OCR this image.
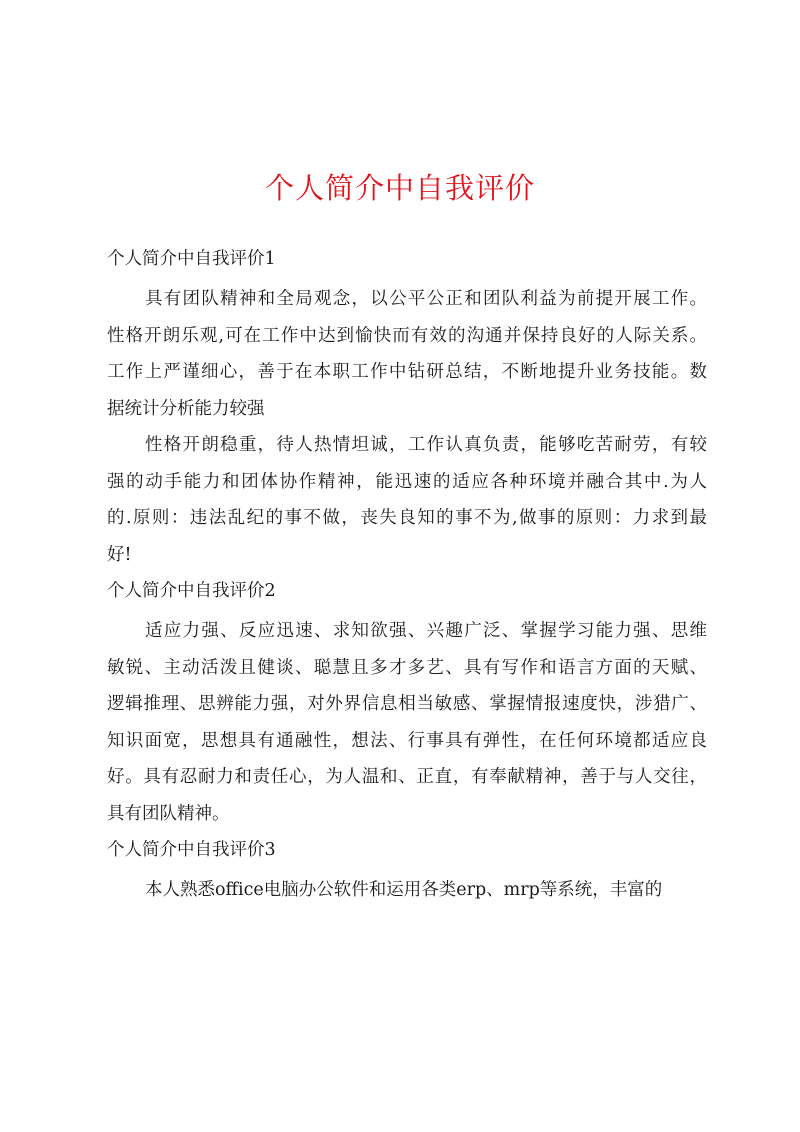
个人简介中自我评价
个人简介中自我评价1
具有团队精神和全局观念，以公平公正和团队利益为前提开展工作。
性格开朗乐观,可在工作中达到愉快而有效的沟通并保持良好的人际关系。
工作上严谨细心，善于在本职工作中钻研总结，不断地提升业务技能。数
据统计分析能力较强
性格开朗稳重，待人热情坦诚，工作认真负责，能够吃苦耐劳，有较
强的动手能力和团体协作精神，能迅速的适应各种环境并融合其中.为人
的.原则：违法乱纪的事不做，丧失良知的事不为,做事的原则：力求到最
好!
个人简介中自我评价2
适应力强、反应迅速、求知欲强、兴趣广泛、掌握学习能力强、思维
敏锐、主动活泼且健谈、聪慧且多才多艺、具有写作和语言方面的天赋、
逻辑推理、思辨能力强，对外界信息相当敏感、掌握情报速度快，涉猎广、
知识面宽，思想具有通融性，想法、行事具有弹性，在任何环境都适应良
好。具有忍耐力和责任心，为人温和、正直，有奉献精神，善于与人交往，
具有团队精神。
个人简介中自我评价3
本人熟悉office电脑办公软件和运用各类erp、mrp等系统，丰富的
